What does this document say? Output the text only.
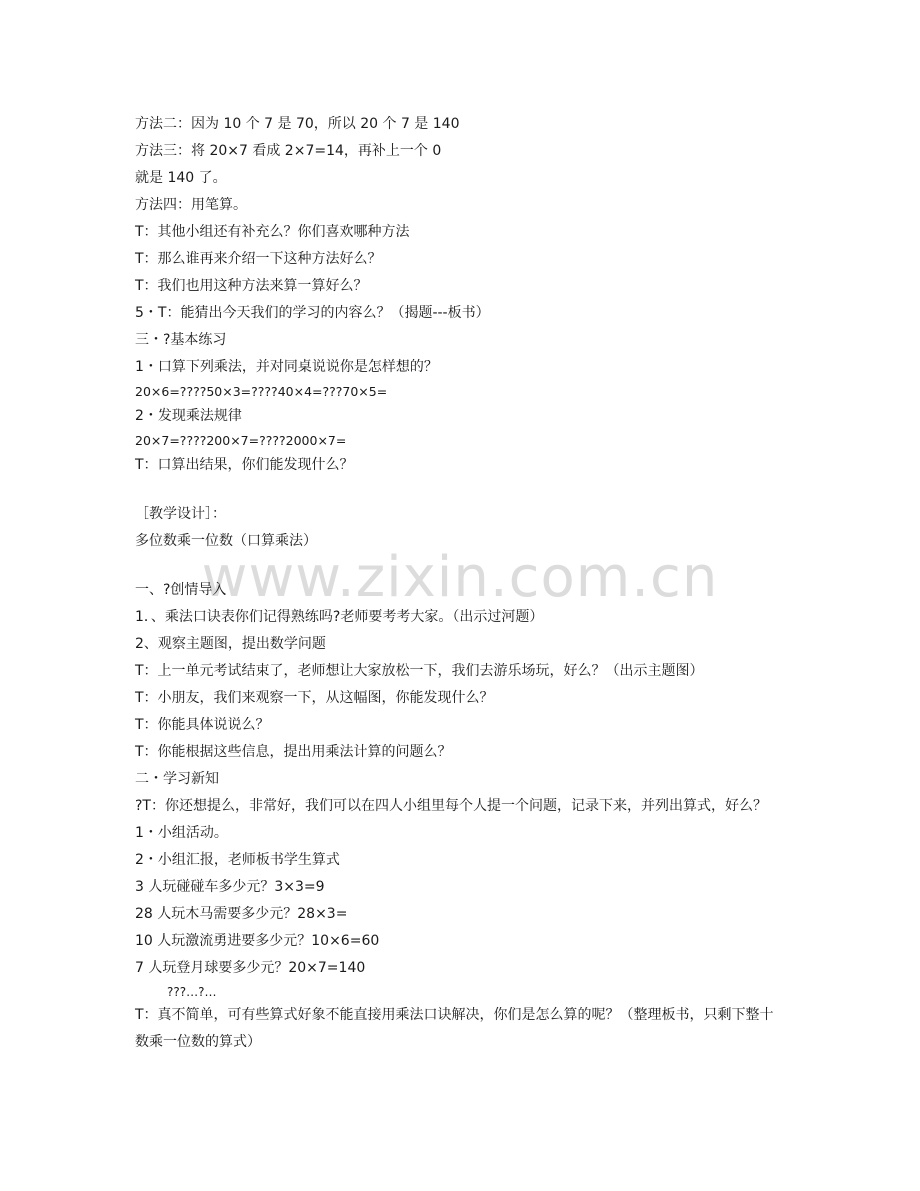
www.zixin.com.cn
方法二：因为 10 个 7 是 70，所以 20 个 7 是 140
方法三：将 20×7 看成 2×7=14，再补上一个 0
就是 140 了。
方法四：用笔算。
T：其他小组还有补充么？你们喜欢哪种方法
T：那么谁再来介绍一下这种方法好么？
T：我们也用这种方法来算一算好么？
5・T：能猜出今天我们的学习的内容么？（揭题---板书）
三・?基本练习
1・口算下列乘法，并对同桌说说你是怎样想的？
20×6=????50×3=????40×4=???70×5=
2・发现乘法规律
20×7=????200×7=????2000×7=
T：口算出结果，你们能发现什么？
［教学设计］：
多位数乘一位数（口算乘法）
一、?创情导入
1．、乘法口诀表你们记得熟练吗?老师要考考大家。（出示过河题）
2、观察主题图，提出数学问题
T：上一单元考试结束了，老师想让大家放松一下，我们去游乐场玩，好么？（出示主题图）
T：小朋友，我们来观察一下，从这幅图，你能发现什么？
T：你能具体说说么？
T：你能根据这些信息，提出用乘法计算的问题么？
二・学习新知
?T：你还想提么，非常好，我们可以在四人小组里每个人提一个问题，记录下来，并列出算式，好么？
1・小组活动。
2・小组汇报，老师板书学生算式
3 人玩碰碰车多少元？3×3=9
28 人玩木马需要多少元？28×3=
10 人玩激流勇进要多少元？10×6=60
7 人玩登月球要多少元？20×7=140
???…?…
T：真不简单，可有些算式好象不能直接用乘法口诀解决，你们是怎么算的呢？（整理板书，只剩下整十数乘一位数的算式）
